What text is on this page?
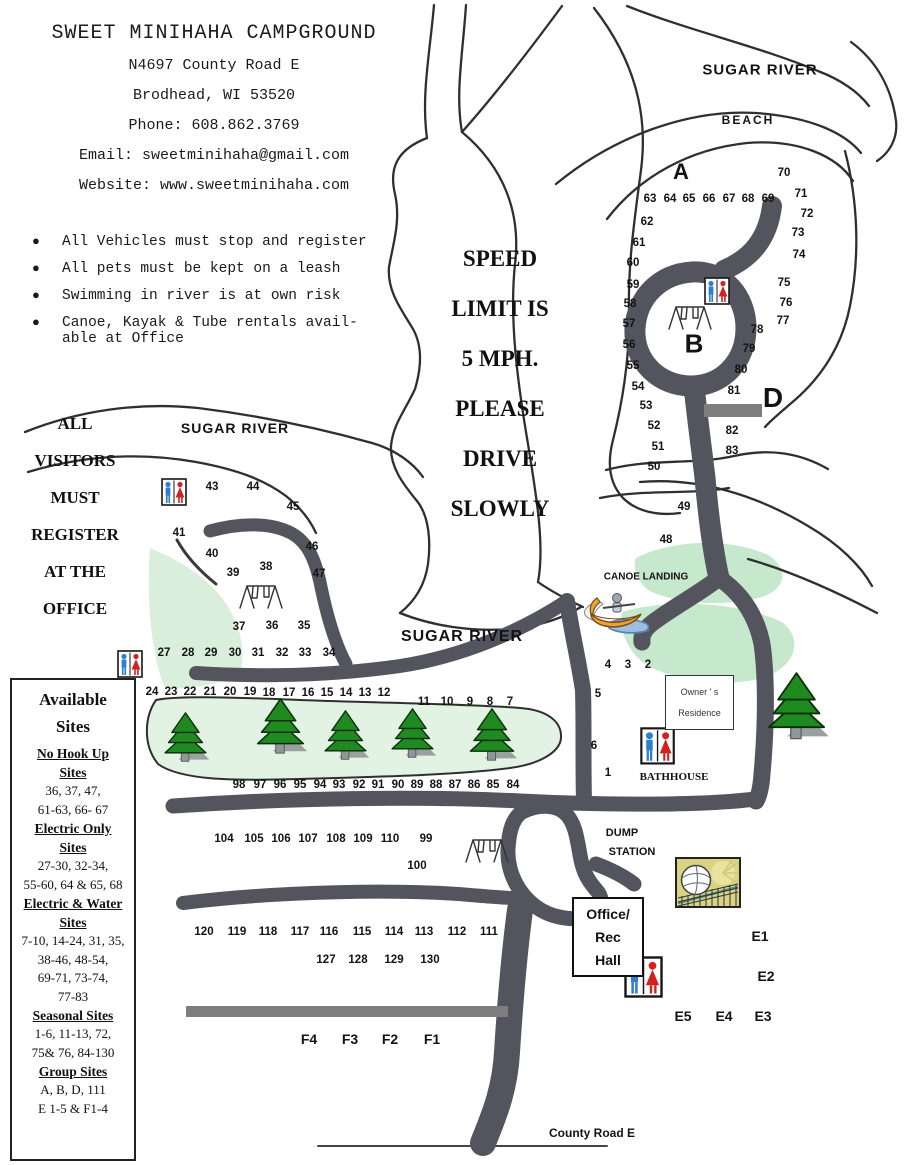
SWEET MINIHAHA CAMPGROUND
N4697 County Road E
Brodhead, WI 53520
Phone: 608.862.3769
Email: sweetminihaha@gmail.com
Website: www.sweetminihaha.com
●	All Vehicles must stop and register
●	All pets must be kept on a leash
●	Swimming in river is at own risk
●	Canoe, Kayak & Tube rentals avail-
able at Office
ALL
VISITORS
MUST
REGISTER
AT THE
OFFICE
SPEED
LIMIT IS
5 MPH.
PLEASE
DRIVE
SLOWLY
Available
Sites
No Hook Up
Sites
36, 37, 47,
61-63, 66- 67
Electric Only
Sites
27-30, 32-34,
55-60, 64 & 65, 68
Electric & Water
Sites
7-10, 14-24, 31, 35,
38-46, 48-54,
69-71, 73-74,
77-83
Seasonal Sites
1-6, 11-13, 72,
75& 76, 84-130
Group Sites
A, B, D, 111
E 1-5 & F1-4
Owner ' s
Residence
Office/
Rec
Hall
SUGAR RIVER
BEACH
A
B
D
SUGAR RIVER
SUGAR RIVER
CANOE LANDING
DUMP
STATION
BATHHOUSE
County Road E
E1
E2
E5 E4 E3
F4 F3 F2 F1
70
71
72
73
74
75
76
77
63 64 65 66 67 68 69
62
61
60
59
58
57
56
55
54
53
52
51
50
78
79
80
81
82
83
49
48
43 44
45
41
40
46
38
39	47
37 36 35
27 28 29 30 31 32 33 34
24 23 22 21 20 19 18 17 16 15 14 13 12
11 10 9 8 7
4 3 2
5
6
1
98 97 96 95 94 93 92 91 90 89 88 87 86 85 84
104 105 106 107 108 109 110 99
100
120 119 118 117 116 115 114 113 112 111
127 128 129 130
